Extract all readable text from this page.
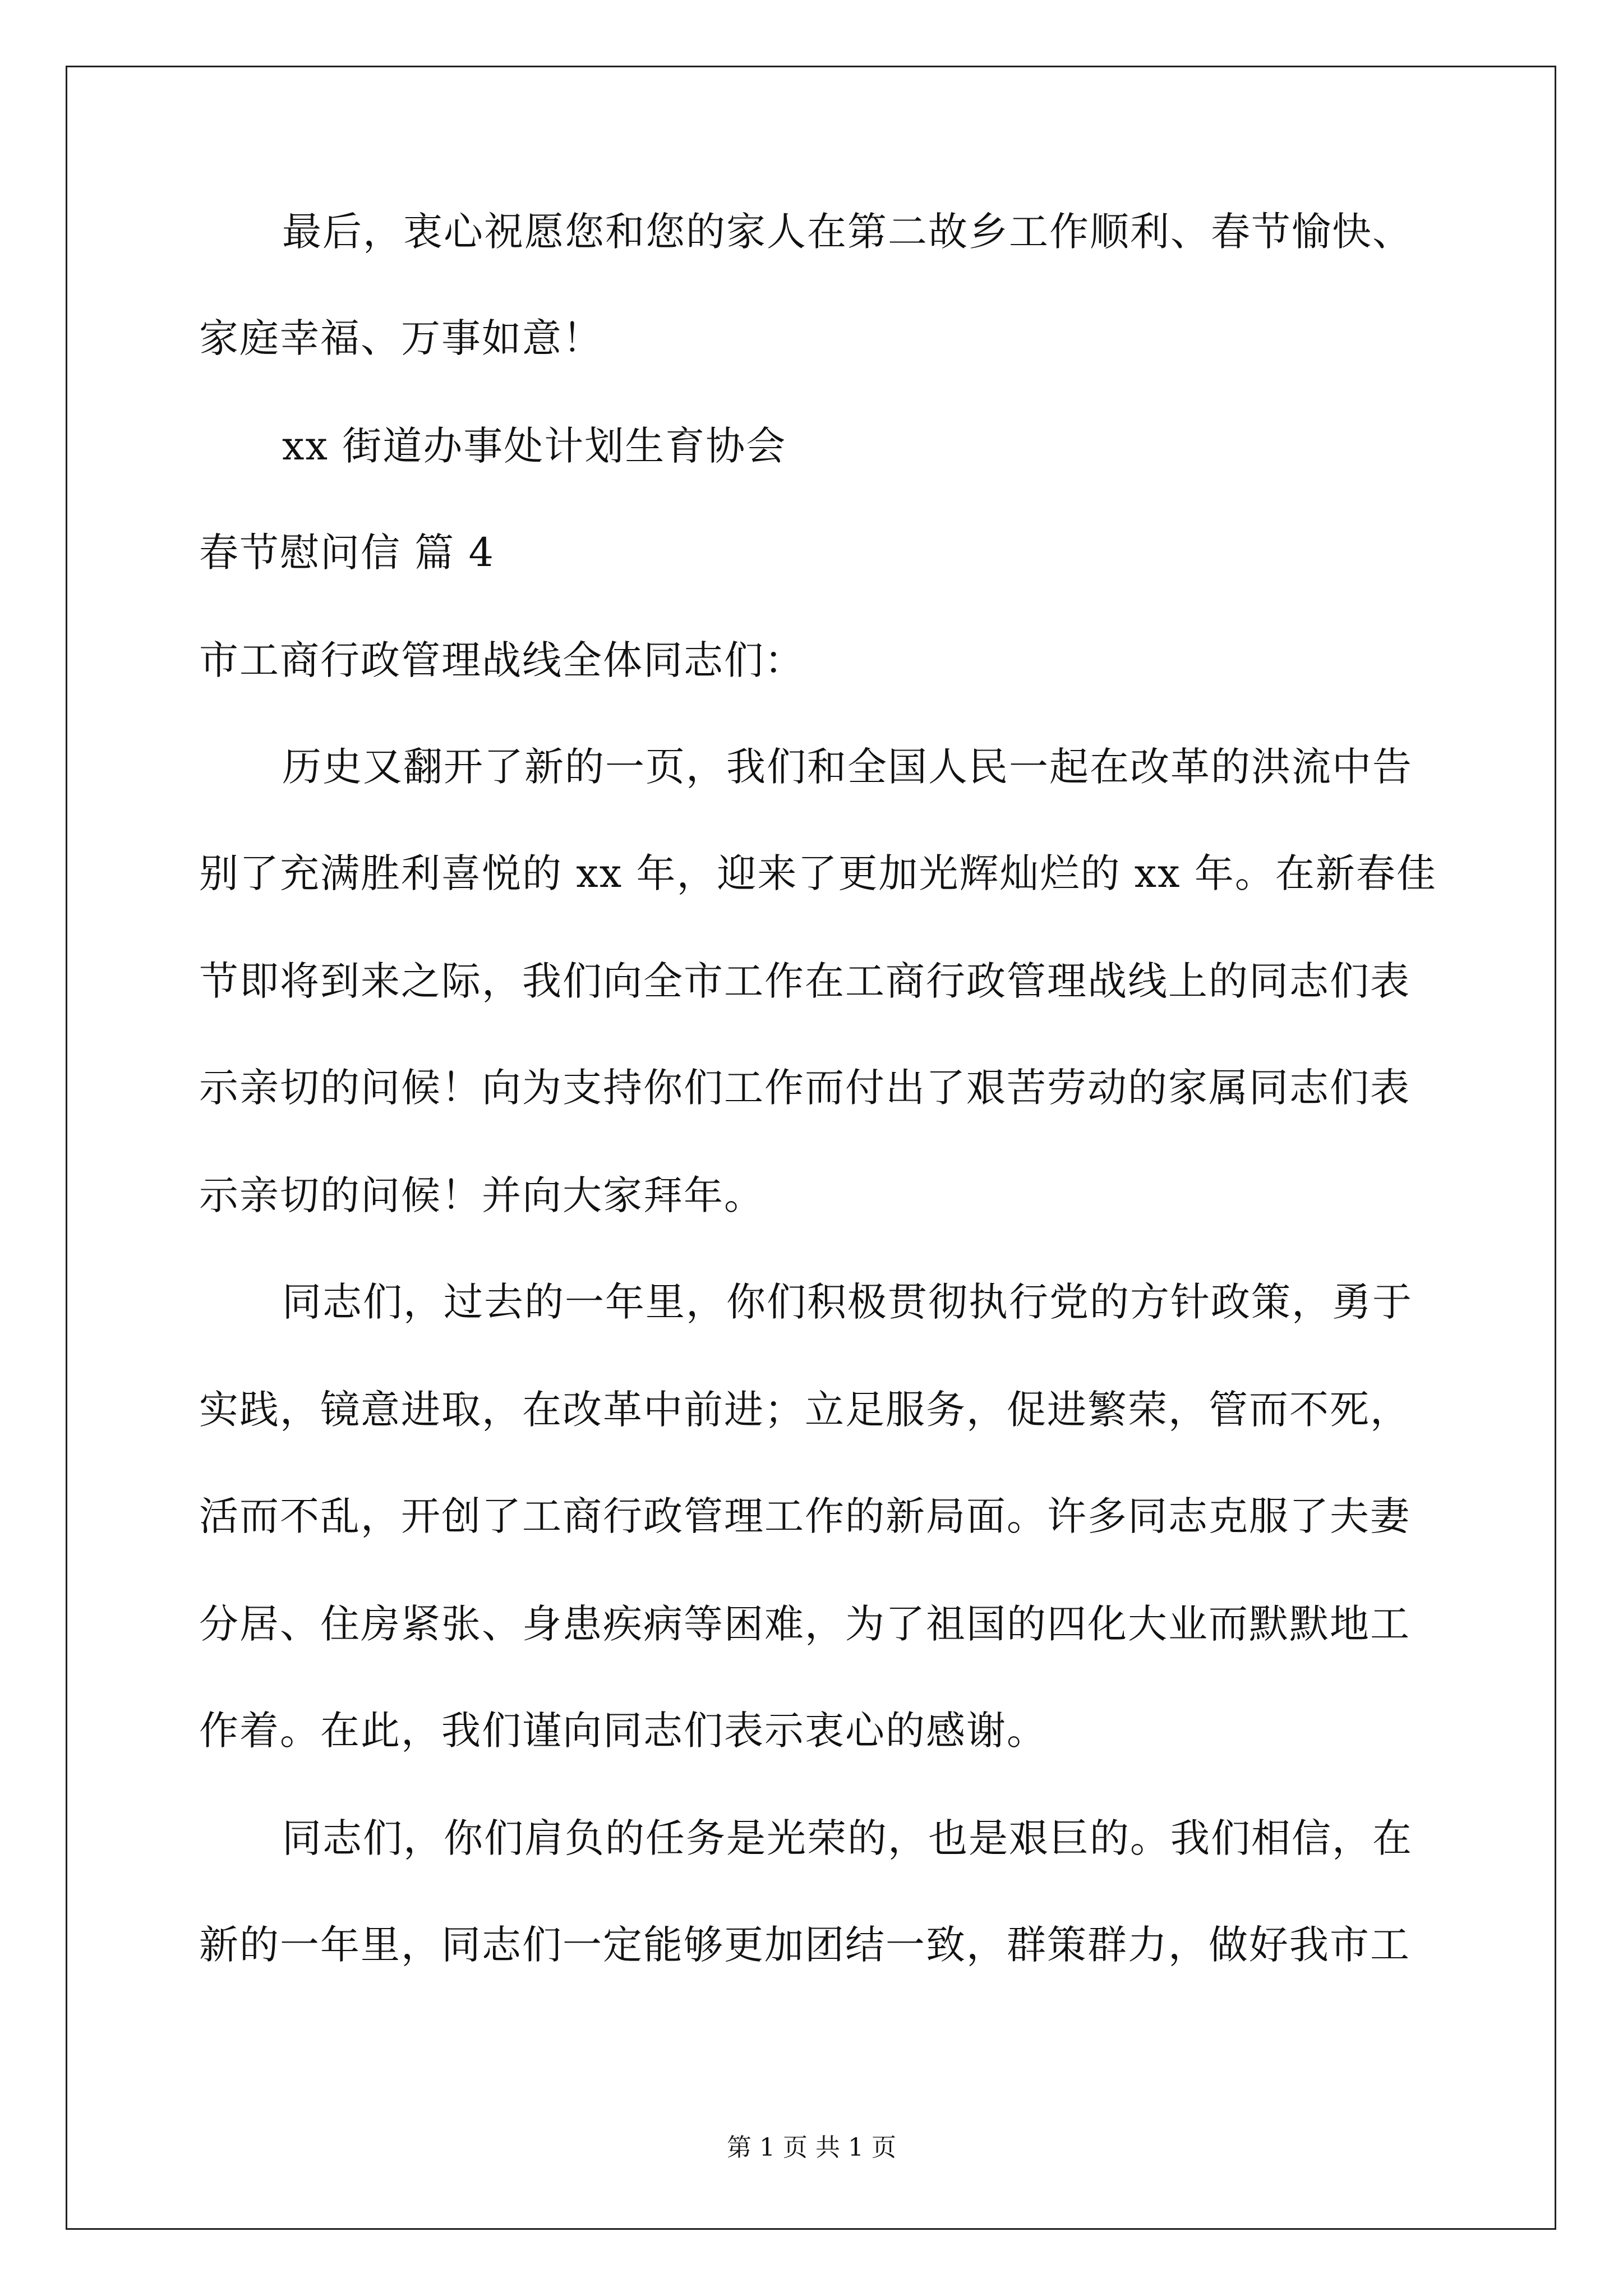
最后，衷心祝愿您和您的家人在第二故乡工作顺利、春节愉快、
家庭幸福、万事如意！
xx 街道办事处计划生育协会
春节慰问信 篇 4
市工商行政管理战线全体同志们：
历史又翻开了新的一页，我们和全国人民一起在改革的洪流中告
别了充满胜利喜悦的 xx 年，迎来了更加光辉灿烂的 xx 年。在新春佳
节即将到来之际，我们向全市工作在工商行政管理战线上的同志们表
示亲切的问候！向为支持你们工作而付出了艰苦劳动的家属同志们表
示亲切的问候！并向大家拜年。
同志们，过去的一年里，你们积极贯彻执行党的方针政策，勇于
实践，镜意进取，在改革中前进；立足服务，促进繁荣，管而不死，
活而不乱，开创了工商行政管理工作的新局面。许多同志克服了夫妻
分居、住房紧张、身患疾病等困难，为了祖国的四化大业而默默地工
作着。在此，我们谨向同志们表示衷心的感谢。
同志们，你们肩负的任务是光荣的，也是艰巨的。我们相信，在
新的一年里，同志们一定能够更加团结一致，群策群力，做好我市工
第 1 页 共 1 页
